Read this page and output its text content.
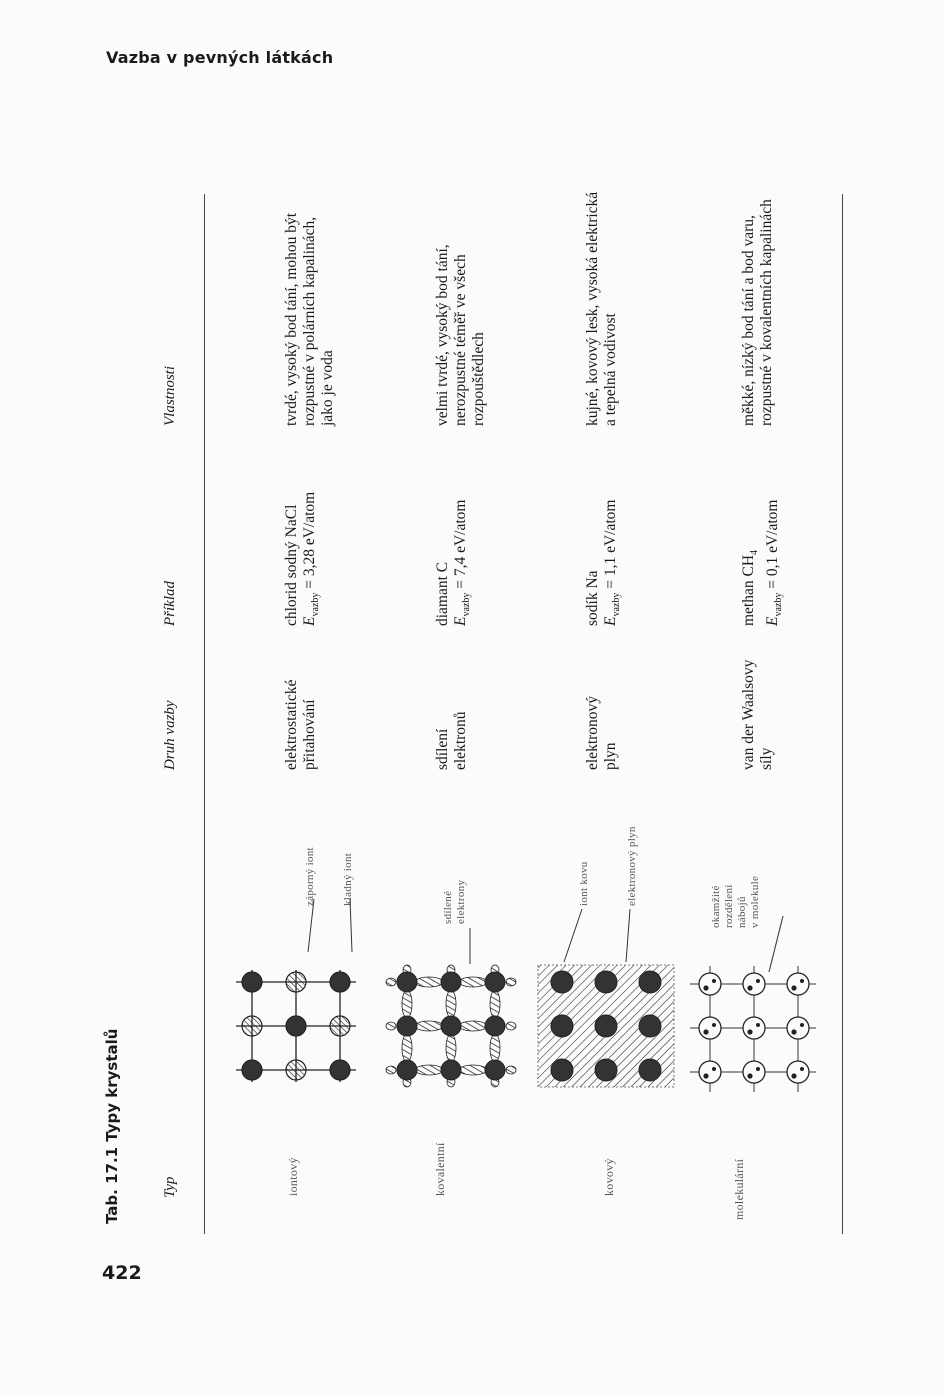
Vazba v pevných látkách
422
Tab. 17.1 Typy krystalů	Typ
Druh vazby
Příklad
Vlastnosti
iontový
záporný iont kladný iont
elektrostatické přitahování
chlorid sodný NaCl $E_{vazby} = 3,28$ eV/atom
tvrdé, vysoký bod tání, mohou být rozpustné v polárních kapalinách, jako je voda
kovalentní
sdílené elektrony
sdílení elektronů
diamant C $E_{vazby} = 7,4$ eV/atom
velmi tvrdé, vysoký bod tání, nerozpustné téměř ve všech rozpouštědlech
kovový
iont kovu	elektronový plyn
elektronový plyn
sodík Na $E_{vazby} = 1,1$ eV/atom
kujné, kovový lesk, vysoká elektrická a tepelná vodivost
molekulární
okamžité rozdělení nábojů v molekule
van der Waalsovy síly
methan $CH_4$
$E_{vazby} = 0,1$ eV/atom
měkké, nízký bod tání a bod varu, rozpustné v kovalentních kapalinách
